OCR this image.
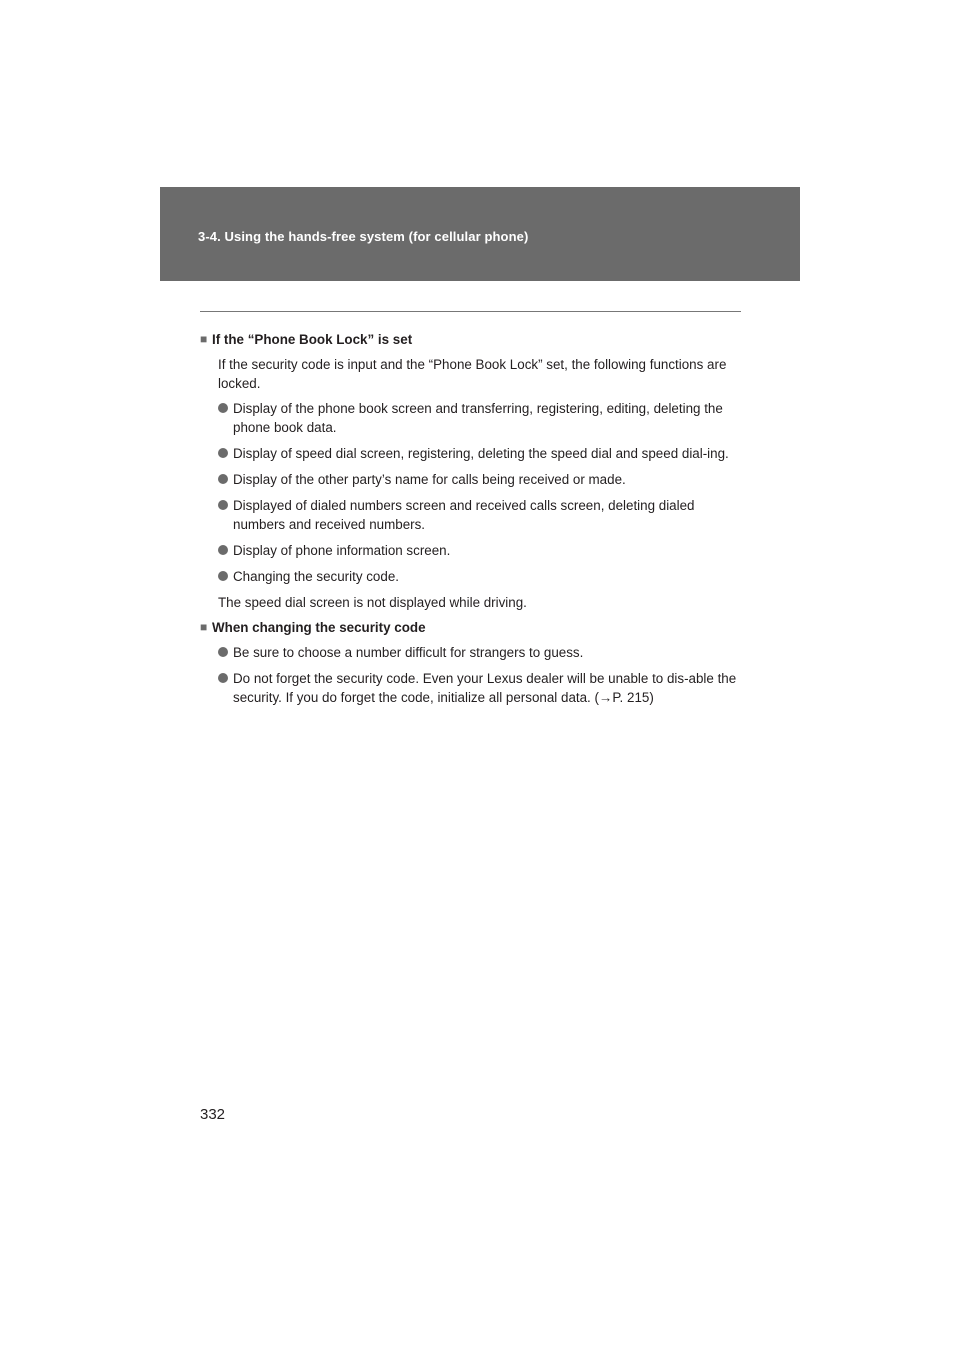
3-4. Using the hands-free system (for cellular phone)
■ If the “Phone Book Lock” is set
If the security code is input and the “Phone Book Lock” set, the following functions are locked.
Display of the phone book screen and transferring, registering, editing, deleting the phone book data.
Display of speed dial screen, registering, deleting the speed dial and speed dial-ing.
Display of the other party’s name for calls being received or made.
Displayed of dialed numbers screen and received calls screen, deleting dialed numbers and received numbers.
Display of phone information screen.
Changing the security code.
The speed dial screen is not displayed while driving.
■ When changing the security code
Be sure to choose a number difficult for strangers to guess.
Do not forget the security code. Even your Lexus dealer will be unable to dis-able the security. If you do forget the code, initialize all personal data. (→P. 215)
332
